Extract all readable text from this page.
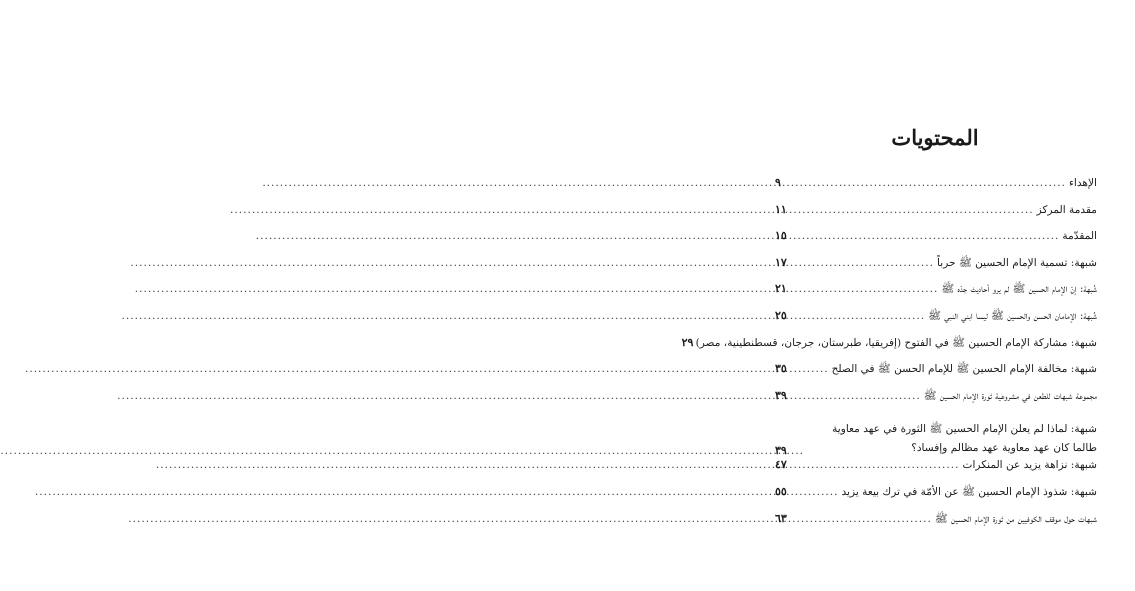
المحتويات
الإهداء
.....
٩
مقدمة المركز
.....
١١
المقدّمة
.....
١٥
شبهة: تسمية الإمام الحسين ﷺ حرباً
.....
١٧
شُبهة: إنّ الإمام الحسين ﷺ لم يرو أحاديث جدّه ﷺ
.....
٢١
شُبهة: الإمامان الحسن والحسين ﷺ ليسا ابني النبي ﷺ
.....
٢٥
شبهة: مشاركة الإمام الحسين ﷺ في الفتوح (إفريقيا، طبرستان، جرجان، قسطنطينية، مصر)
٢٩
شبهة: مخالفة الإمام الحسين ﷺ للإمام الحسن ﷺ في الصلح
.....
٣٥
مجموعة شبهات للطعن في مشروعية ثورة الإمام الحسين ﷺ
.....
٣٩
شبهة: لماذا لم يعلن الإمام الحسين ﷺ الثورة في عهد معاوية طالما كان عهد معاوية عهد مظالم وإفساد؟
.....
٣٩
شبهة: نزاهة يزيد عن المنكرات
.....
٤٧
شبهة: شذوذ الإمام الحسين ﷺ عن الأمّة في ترك بيعة يزيد
.....
٥٥
شبهات حول موقف الكوفيين من ثورة الإمام الحسين ﷺ
.....
٦٣
